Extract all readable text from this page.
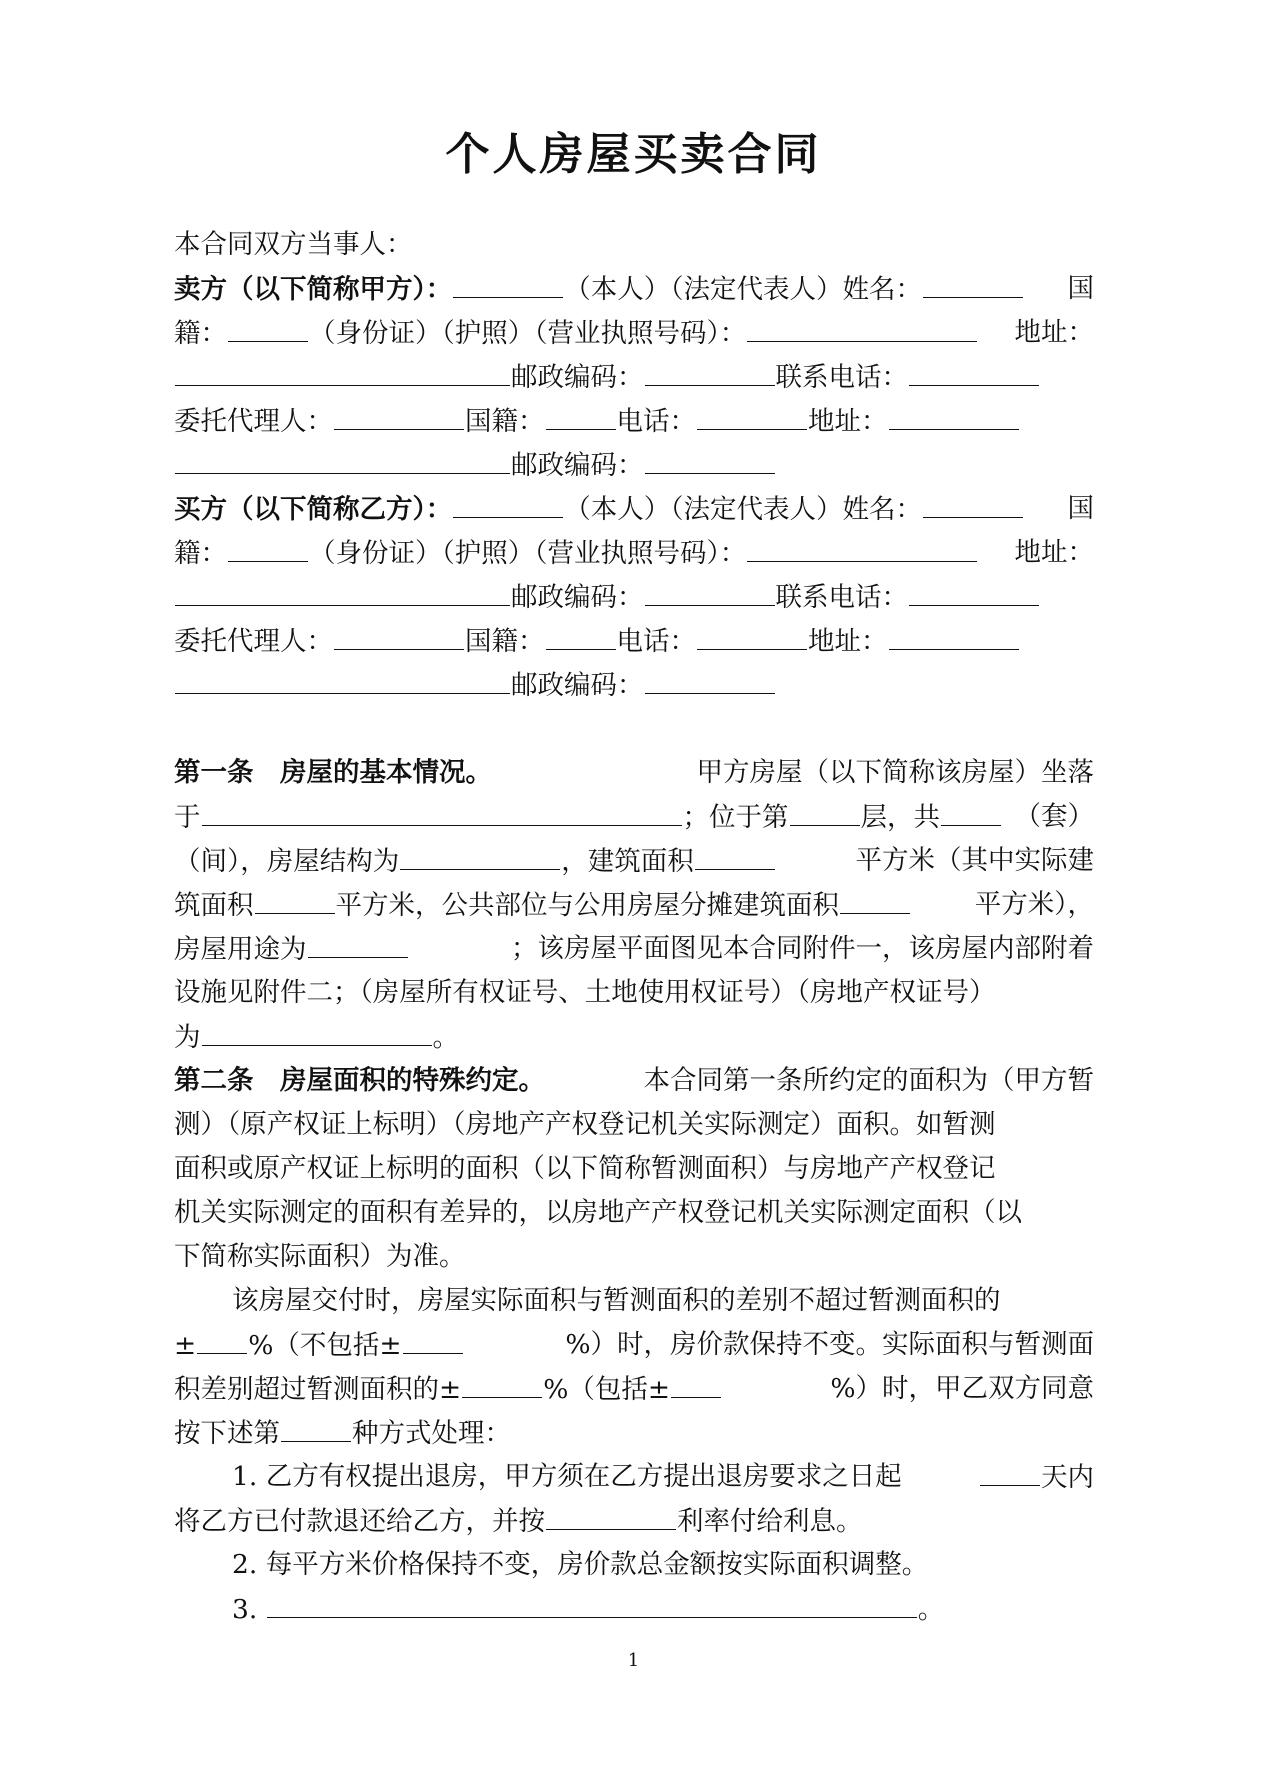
个人房屋买卖合同
本合同双方当事人：
卖方（以下简称甲方）：	（本人）（法定代表人）姓名：	国
籍：	（身份证）（护照）（营业执照号码）：	地址：
邮政编码：	联系电话：
委托代理人：	国籍：	电话：	地址：
邮政编码：
买方（以下简称乙方）：	（本人）（法定代表人）姓名：	国
籍：	（身份证）（护照）（营业执照号码）：	地址：
邮政编码：	联系电话：
委托代理人：	国籍：	电话：	地址：
邮政编码：
第一条　房屋的基本情况。	甲方房屋（以下简称该房屋）坐落
于	；位于第	层，共	（套）
（间），房屋结构为	，建筑面积	平方米（其中实际建
筑面积	平方米，公共部位与公用房屋分摊建筑面积	平方米），
房屋用途为	；该房屋平面图见本合同附件一，该房屋内部附着
设施见附件二；（房屋所有权证号、土地使用权证号）（房地产权证号）
为	。
第二条　房屋面积的特殊约定。	本合同第一条所约定的面积为（甲方暂
测）（原产权证上标明）（房地产产权登记机关实际测定）面积。如暂测
面积或原产权证上标明的面积（以下简称暂测面积）与房地产产权登记
机关实际测定的面积有差异的，以房地产产权登记机关实际测定面积（以
下简称实际面积）为准。
该房屋交付时，房屋实际面积与暂测面积的差别不超过暂测面积的
± %（不包括±	%）时，房价款保持不变。实际面积与暂测面
积差别超过暂测面积的±	%（包括±	%）时，甲乙双方同意
按下述第	种方式处理：
1. 乙方有权提出退房，甲方须在乙方提出退房要求之日起	天内
将乙方已付款退还给乙方，并按	利率付给利息。
2. 每平方米价格保持不变，房价款总金额按实际面积调整。
3.	。
1
